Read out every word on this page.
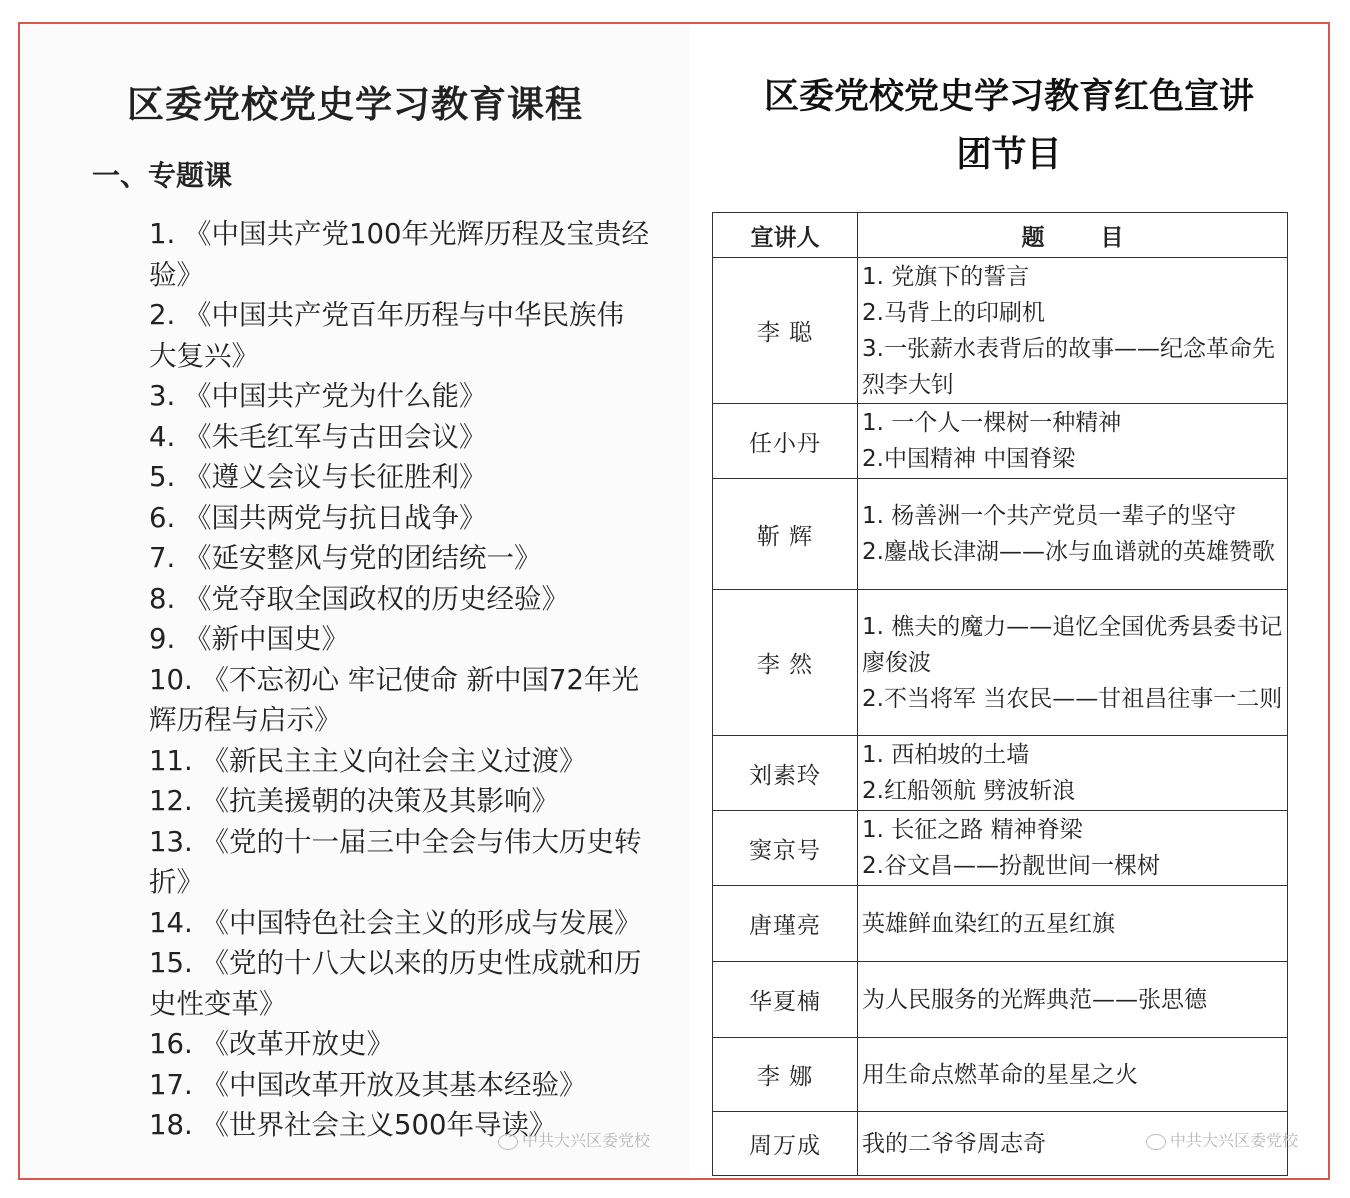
区委党校党史学习教育课程
一、专题课
1. 《中国共产党100年光辉历程及宝贵经验》
2. 《中国共产党百年历程与中华民族伟大复兴》
3. 《中国共产党为什么能》
4. 《朱毛红军与古田会议》
5. 《遵义会议与长征胜利》
6. 《国共两党与抗日战争》
7. 《延安整风与党的团结统一》
8. 《党夺取全国政权的历史经验》
9. 《新中国史》
10. 《不忘初心 牢记使命 新中国72年光辉历程与启示》
11. 《新民主主义向社会主义过渡》
12. 《抗美援朝的决策及其影响》
13. 《党的十一届三中全会与伟大历史转折》
14. 《中国特色社会主义的形成与发展》
15. 《党的十八大以来的历史性成就和历史性变革》
16. 《改革开放史》
17. 《中国改革开放及其基本经验》
18. 《世界社会主义500年导读》
中共大兴区委党校
区委党校党史学习教育红色宣讲
团节目
宣讲人	题 目
李 聪	1. 党旗下的誓言
2.马背上的印刷机
3.一张薪水表背后的故事——纪念革命先烈李大钊

任小丹	1. 一个人一棵树一种精神
2.中国精神 中国脊梁

靳 辉	1. 杨善洲一个共产党员一辈子的坚守
2.鏖战长津湖——冰与血谱就的英雄赞歌

李 然	1. 樵夫的魔力——追忆全国优秀县委书记廖俊波
2.不当将军 当农民——甘祖昌往事一二则

刘素玲	1. 西柏坡的土墙
2.红船领航 劈波斩浪

窦京号	1. 长征之路 精神脊梁
2.谷文昌——扮靓世间一棵树

唐瑾亮	英雄鲜血染红的五星红旗

华夏楠	为人民服务的光辉典范——张思德

李 娜	用生命点燃革命的星星之火

周万成	我的二爷爷周志奇	中共大兴区委党校
